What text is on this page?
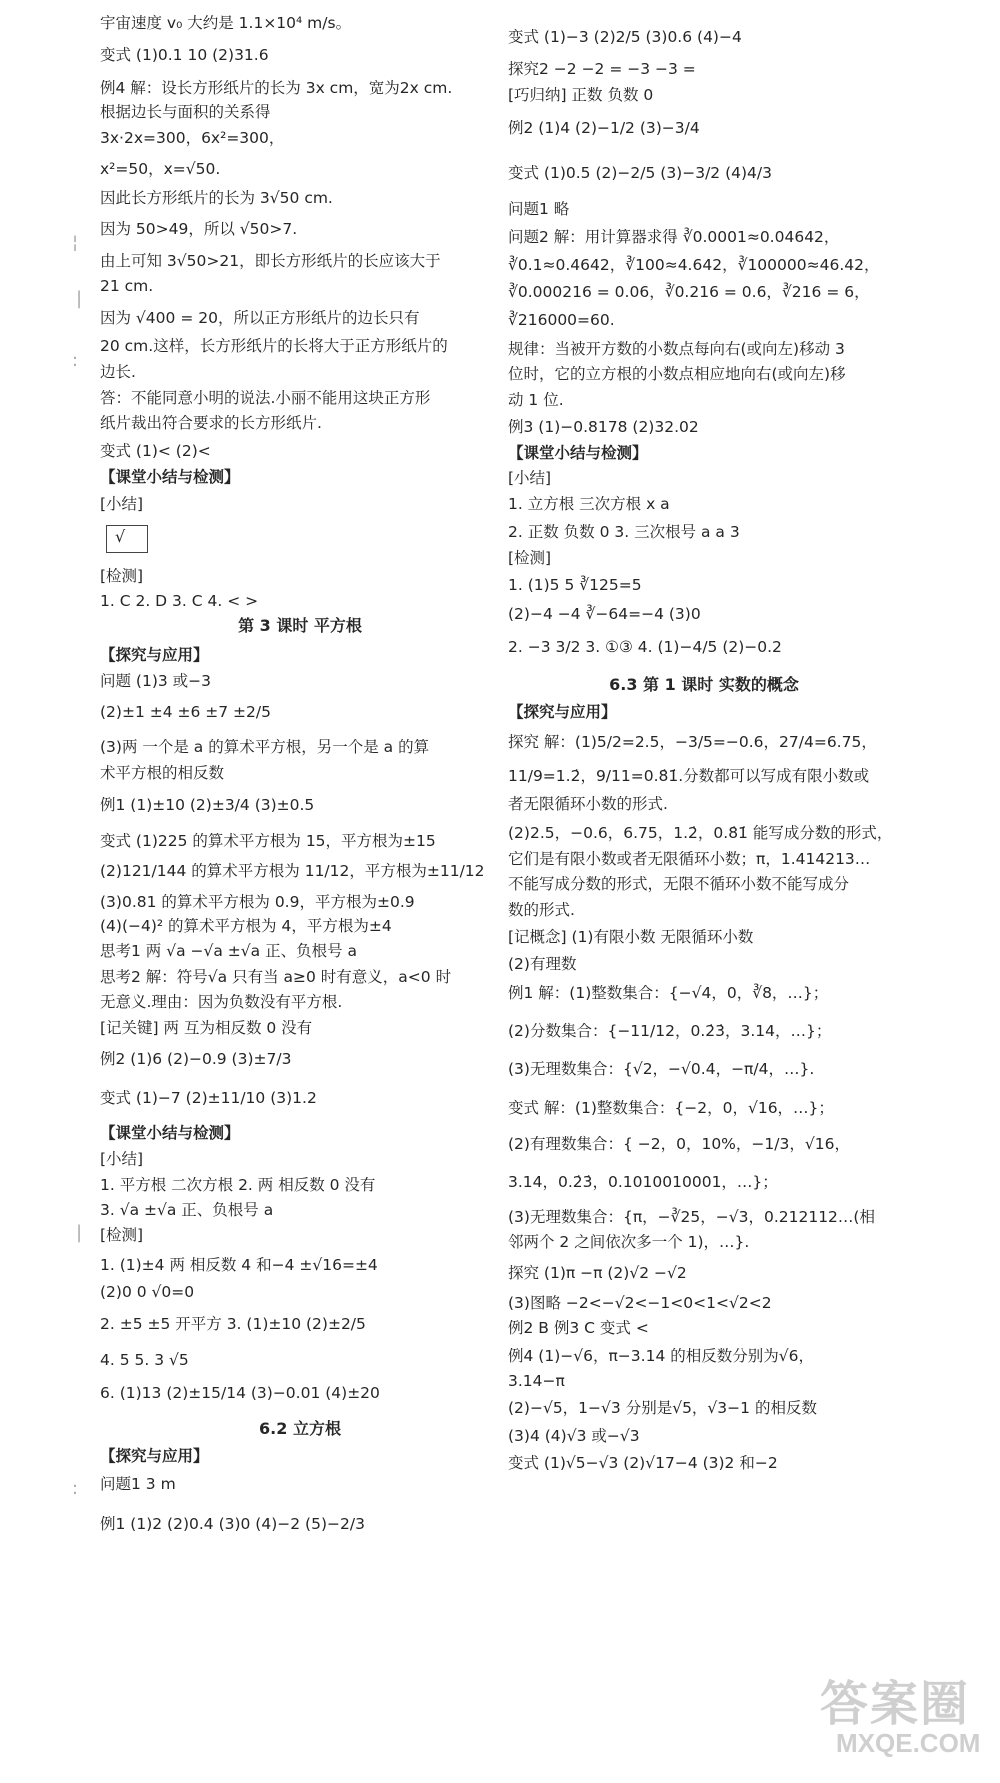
宇宙速度 v₀ 大约是 1.1×10⁴ m/s。
变式 (1)0.1 10 (2)31.6
例4 解：设长方形纸片的长为 3x cm，宽为2x cm.
根据边长与面积的关系得
3x·2x=300，6x²=300，
x²=50，x=√50.
因此长方形纸片的长为 3√50 cm.
因为 50>49，所以 √50>7.
由上可知 3√50>21，即长方形纸片的长应该大于
21 cm.
因为 √400 = 20，所以正方形纸片的边长只有
20 cm.这样，长方形纸片的长将大于正方形纸片的
边长.
答：不能同意小明的说法.小丽不能用这块正方形
纸片裁出符合要求的长方形纸片.
变式 (1)< (2)<
【课堂小结与检测】
[小结]
√
[检测]
1. C 2. D 3. C 4. < >
第 3 课时 平方根
【探究与应用】
问题 (1)3 或−3
(2)±1 ±4 ±6 ±7 ±2/5
(3)两 一个是 a 的算术平方根，另一个是 a 的算
术平方根的相反数
例1 (1)±10 (2)±3/4 (3)±0.5
变式 (1)225 的算术平方根为 15，平方根为±15
(2)121/144 的算术平方根为 11/12，平方根为±11/12
(3)0.81 的算术平方根为 0.9，平方根为±0.9
(4)(−4)² 的算术平方根为 4，平方根为±4
思考1 两 √a −√a ±√a 正、负根号 a
思考2 解：符号√a 只有当 a≥0 时有意义，a<0 时
无意义.理由：因为负数没有平方根.
[记关键] 两 互为相反数 0 没有
例2 (1)6 (2)−0.9 (3)±7/3
变式 (1)−7 (2)±11/10 (3)1.2
【课堂小结与检测】
[小结]
1. 平方根 二次方根 2. 两 相反数 0 没有
3. √a ±√a 正、负根号 a
[检测]
1. (1)±4 两 相反数 4 和−4 ±√16=±4
(2)0 0 √0=0
2. ±5 ±5 开平方 3. (1)±10 (2)±2/5
4. 5 5. 3 √5
6. (1)13 (2)±15/14 (3)−0.01 (4)±20
6.2 立方根
【探究与应用】
问题1 3 m
例1 (1)2 (2)0.4 (3)0 (4)−2 (5)−2/3
变式 (1)−3 (2)2/5 (3)0.6 (4)−4
探究2 −2 −2 = −3 −3 =
[巧归纳] 正数 负数 0
例2 (1)4 (2)−1/2 (3)−3/4
变式 (1)0.5 (2)−2/5 (3)−3/2 (4)4/3
问题1 略
问题2 解：用计算器求得 ∛0.0001≈0.04642，
∛0.1≈0.4642，∛100≈4.642，∛100000≈46.42，
∛0.000216 = 0.06，∛0.216 = 0.6，∛216 = 6，
∛216000=60.
规律：当被开方数的小数点每向右(或向左)移动 3
位时，它的立方根的小数点相应地向右(或向左)移
动 1 位.
例3 (1)−0.8178 (2)32.02
【课堂小结与检测】
[小结]
1. 立方根 三次方根 x a
2. 正数 负数 0 3. 三次根号 a a 3
[检测]
1. (1)5 5 ∛125=5
(2)−4 −4 ∛−64=−4 (3)0
2. −3 3/2 3. ①③ 4. (1)−4/5 (2)−0.2
6.3 第 1 课时 实数的概念
【探究与应用】
探究 解：(1)5/2=2.5，−3/5=−0.6，27/4=6.75，
11/9=1.2̇，9/11=0.8̇1̇.分数都可以写成有限小数或
者无限循环小数的形式.
(2)2.5，−0.6，6.75，1.2̇，0.8̇1̇ 能写成分数的形式，
它们是有限小数或者无限循环小数；π，1.414213…
不能写成分数的形式，无限不循环小数不能写成分
数的形式.
[记概念] (1)有限小数 无限循环小数
(2)有理数
例1 解：(1)整数集合：{−√4，0，∛8，…}；
(2)分数集合：{−11/12，0.2̇3̇，3.14，…}；
(3)无理数集合：{√2，−√0.4，−π/4，…}.
变式 解：(1)整数集合：{−2，0，√16，…}；
(2)有理数集合：{ −2，0，10%，−1/3，√16，
3.14，0.2̇3̇，0.1010010001，…}；
(3)无理数集合：{π，−∛25，−√3，0.212112…(相
邻两个 2 之间依次多一个 1)，…}.
探究 (1)π −π (2)√2 −√2
(3)图略 −2<−√2<−1<0<1<√2<2
例2 B 例3 C 变式 <
例4 (1)−√6，π−3.14 的相反数分别为√6，
3.14−π
(2)−√5，1−√3 分别是√5，√3−1 的相反数
(3)4 (4)√3 或−√3
变式 (1)√5−√3 (2)√17−4 (3)2 和−2
¦
|
:
|
:
答案圈
MXQE.COM
